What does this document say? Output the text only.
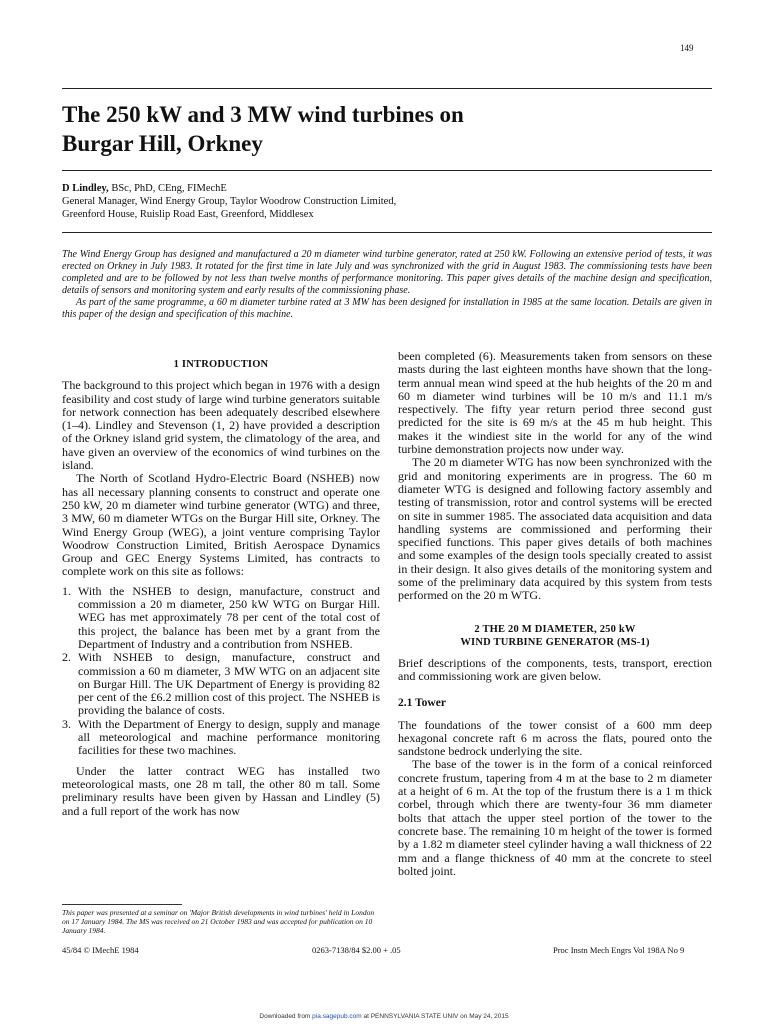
149
The 250 kW and 3 MW wind turbines on
Burgar Hill, Orkney
D Lindley, BSc, PhD, CEng, FIMechE
General Manager, Wind Energy Group, Taylor Woodrow Construction Limited,
Greenford House, Ruislip Road East, Greenford, Middlesex

The Wind Energy Group has designed and manufactured a 20 m diameter wind turbine generator, rated at 250 kW. Following an extensive period of tests, it was erected on Orkney in July 1983. It rotated for the first time in late July and was synchronized with the grid in August 1983. The commissioning tests have been completed and are to be followed by not less than twelve months of performance monitoring. This paper gives details of the machine design and specification, details of sensors and monitoring system and early results of the commissioning phase.

As part of the same programme, a 60 m diameter turbine rated at 3 MW has been designed for installation in 1985 at the same location. Details are given in this paper of the design and specification of this machine.

1 INTRODUCTION

The background to this project which began in 1976 with a design feasibility and cost study of large wind turbine generators suitable for network connection has been adequately described elsewhere (1–4). Lindley and Stevenson (1, 2) have provided a description of the Orkney island grid system, the climatology of the area, and have given an overview of the economics of wind turbines on the island.

The North of Scotland Hydro-Electric Board (NSHEB) now has all necessary planning consents to construct and operate one 250 kW, 20 m diameter wind turbine generator (WTG) and three, 3 MW, 60 m diameter WTGs on the Burgar Hill site, Orkney. The Wind Energy Group (WEG), a joint venture comprising Taylor Woodrow Construction Limited, British Aerospace Dynamics Group and GEC Energy Systems Limited, has contracts to complete work on this site as follows:

1. With the NSHEB to design, manufacture, construct and commission a 20 m diameter, 250 kW WTG on Burgar Hill. WEG has met approximately 78 per cent of the total cost of this project, the balance has been met by a grant from the Department of Industry and a contribution from NSHEB.
2. With NSHEB to design, manufacture, construct and commission a 60 m diameter, 3 MW WTG on an adjacent site on Burgar Hill. The UK Department of Energy is providing 82 per cent of the £6.2 million cost of this project. The NSHEB is providing the balance of costs.
3. With the Department of Energy to design, supply and manage all meteorological and machine performance monitoring facilities for these two machines.

Under the latter contract WEG has installed two meteorological masts, one 28 m tall, the other 80 m tall. Some preliminary results have been given by Hassan and Lindley (5) and a full report of the work has now

This paper was presented at a seminar on 'Major British developments in wind turbines' held in London on 17 January 1984. The MS was received on 21 October 1983 and was accepted for publication on 10 January 1984.

been completed (6). Measurements taken from sensors on these masts during the last eighteen months have shown that the long-term annual mean wind speed at the hub heights of the 20 m and 60 m diameter wind turbines will be 10 m/s and 11.1 m/s respectively. The fifty year return period three second gust predicted for the site is 69 m/s at the 45 m hub height. This makes it the windiest site in the world for any of the wind turbine demonstration projects now under way.

The 20 m diameter WTG has now been synchronized with the grid and monitoring experiments are in progress. The 60 m diameter WTG is designed and following factory assembly and testing of transmission, rotor and control systems will be erected on site in summer 1985. The associated data acquisition and data handling systems are commissioned and performing their specified functions. This paper gives details of both machines and some examples of the design tools specially created to assist in their design. It also gives details of the monitoring system and some of the preliminary data acquired by this system from tests performed on the 20 m WTG.

2 THE 20 M DIAMETER, 250 kW
WIND TURBINE GENERATOR (MS-1)

Brief descriptions of the components, tests, transport, erection and commissioning work are given below.

2.1 Tower

The foundations of the tower consist of a 600 mm deep hexagonal concrete raft 6 m across the flats, poured onto the sandstone bedrock underlying the site.

The base of the tower is in the form of a conical reinforced concrete frustum, tapering from 4 m at the base to 2 m diameter at a height of 6 m. At the top of the frustum there is a 1 m thick corbel, through which there are twenty-four 36 mm diameter bolts that attach the upper steel portion of the tower to the concrete base. The remaining 10 m height of the tower is formed by a 1.82 m diameter steel cylinder having a wall thickness of 22 mm and a flange thickness of 40 mm at the concrete to steel bolted joint.

45/84 © IMechE 1984	0263-7138/84 $2.00 + .05	Proc Instn Mech Engrs Vol 198A No 9
Downloaded from pia.sagepub.com at PENNSYLVANIA STATE UNIV on May 24, 2015
